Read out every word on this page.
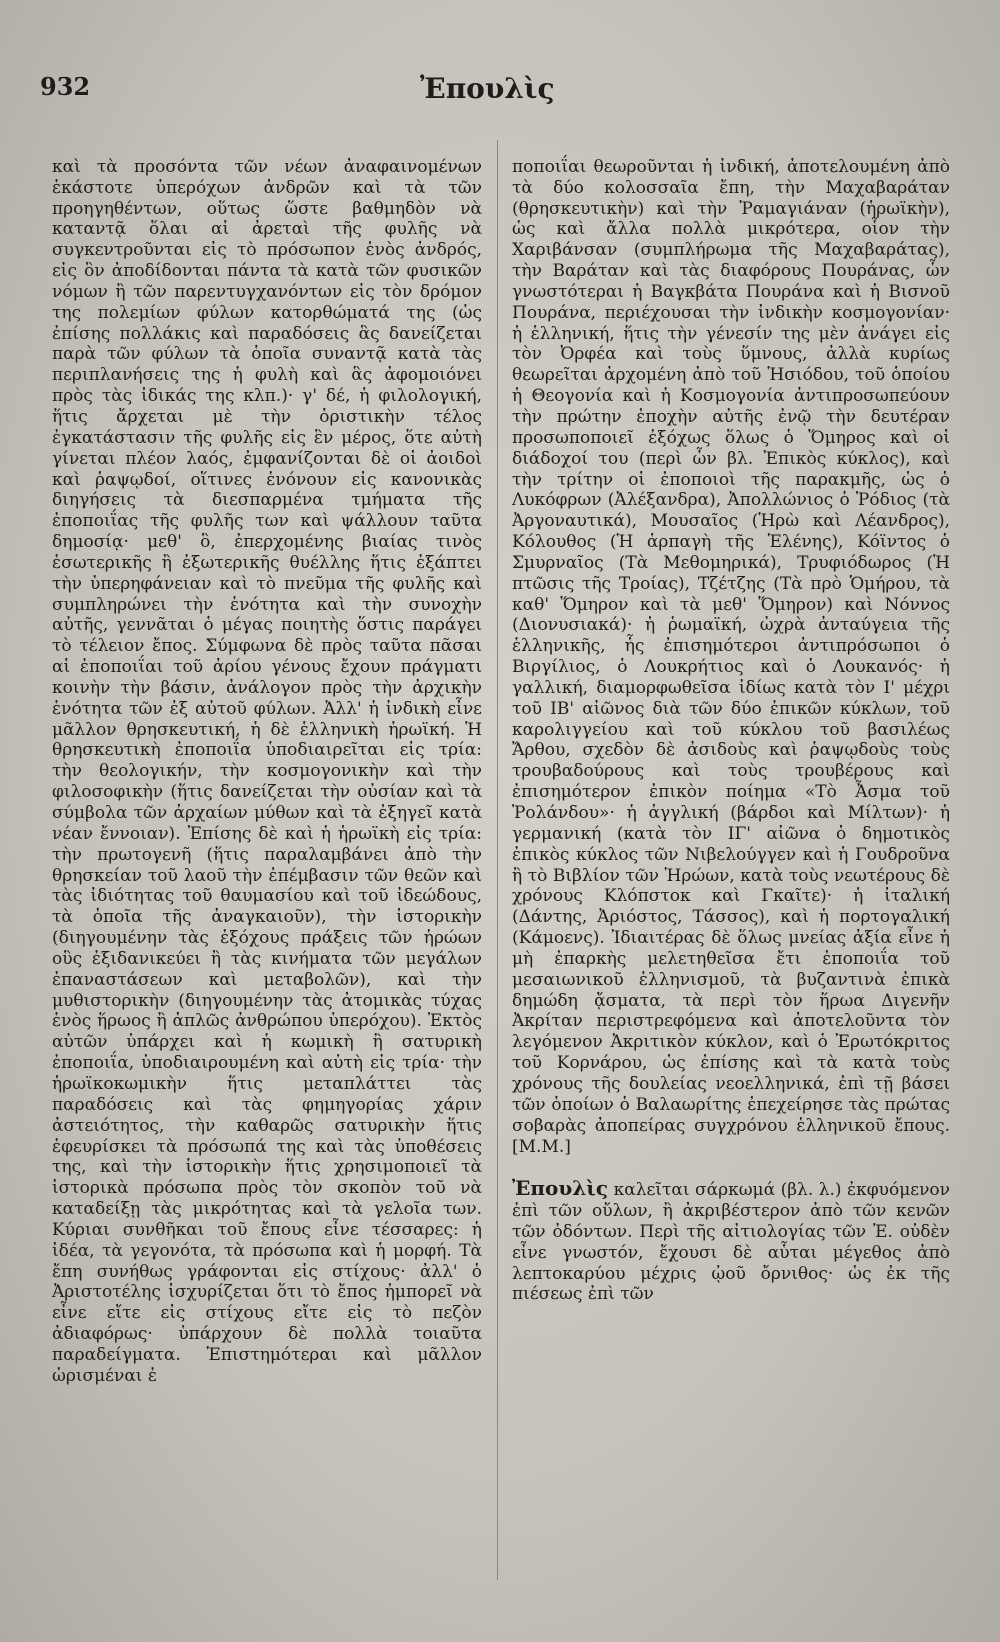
932	Ἐπουλὶς

καὶ τὰ προσόντα τῶν νέων ἀναφαινομένων ἑκάστοτε ὑπερόχων ἀνδρῶν καὶ τὰ τῶν προηγηθέντων, οὕτως ὥστε βαθμηδὸν νὰ καταντᾷ ὅλαι αἱ ἀρεταὶ τῆς φυλῆς νὰ συγκεντροῦνται εἰς τὸ πρόσωπον ἑνὸς ἀνδρός, εἰς ὃν ἀποδίδονται πάντα τὰ κατὰ τῶν φυσικῶν νόμων ἢ τῶν παρεντυγχανόντων εἰς τὸν δρόμον της πολεμίων φύλων κατορθώματά της (ὡς ἐπίσης πολλάκις καὶ παραδόσεις ἃς δανείζεται παρὰ τῶν φύλων τὰ ὁποῖα συναντᾷ κατὰ τὰς περιπλανήσεις της ἡ φυλὴ καὶ ἃς ἀφομοιόνει πρὸς τὰς ἰδικάς της κλπ.)· γ' δέ, ἡ φιλολογική, ἥτις ἄρχεται μὲ τὴν ὁριστικὴν τέλος ἐγκατάστασιν τῆς φυλῆς εἰς ἓν μέρος, ὅτε αὐτὴ γίνεται πλέον λαός, ἐμφανίζονται δὲ οἱ ἀοιδοὶ καὶ ῥαψῳδοί, οἵτινες ἑνόνουν εἰς κανονικὰς διηγήσεις τὰ διεσπαρμένα τμήματα τῆς ἐποποιΐας τῆς φυλῆς των καὶ ψάλλουν ταῦτα δημοσίᾳ· μεθ' ὃ, ἐπερχομένης βιαίας τινὸς ἐσωτερικῆς ἢ ἐξωτερικῆς θυέλλης ἥτις ἐξάπτει τὴν ὑπερηφάνειαν καὶ τὸ πνεῦμα τῆς φυλῆς καὶ συμπληρώνει τὴν ἑνότητα καὶ τὴν συνοχὴν αὐτῆς, γεννᾶται ὁ μέγας ποιητὴς ὅστις παράγει τὸ τέλειον ἔπος. Σύμφωνα δὲ πρὸς ταῦτα πᾶσαι αἱ ἐποποιΐαι τοῦ ἀρίου γένους ἔχουν πράγματι κοινὴν τὴν βάσιν, ἀνάλογον πρὸς τὴν ἀρχικὴν ἑνότητα τῶν ἐξ αὐτοῦ φύλων. Ἀλλ' ἡ ἰνδικὴ εἶνε μᾶλλον θρησκευτική, ἡ δὲ ἑλληνικὴ ἡρωϊκή. Ἡ θρησκευτικὴ ἐποποιΐα ὑποδιαιρεῖται εἰς τρία: τὴν θεολογικήν, τὴν κοσμογονικὴν καὶ τὴν φιλοσοφικὴν (ἥτις δανείζεται τὴν οὐσίαν καὶ τὰ σύμβολα τῶν ἀρχαίων μύθων καὶ τὰ ἐξηγεῖ κατὰ νέαν ἔννοιαν). Ἐπίσης δὲ καὶ ἡ ἡρωϊκὴ εἰς τρία: τὴν πρωτογενῆ (ἥτις παραλαμβάνει ἀπὸ τὴν θρησκείαν τοῦ λαοῦ τὴν ἐπέμβασιν τῶν θεῶν καὶ τὰς ἰδιότητας τοῦ θαυμασίου καὶ τοῦ ἰδεώδους, τὰ ὁποῖα τῆς ἀναγκαιοῦν), τὴν ἱστορικὴν (διηγουμένην τὰς ἐξόχους πράξεις τῶν ἡρώων οὓς ἐξιδανικεύει ἢ τὰς κινήματα τῶν μεγάλων ἐπαναστάσεων καὶ μεταβολῶν), καὶ τὴν μυθιστορικὴν (διηγουμένην τὰς ἀτομικὰς τύχας ἑνὸς ἥρωος ἢ ἁπλῶς ἀνθρώπου ὑπερόχου). Ἐκτὸς αὐτῶν ὑπάρχει καὶ ἡ κωμικὴ ἢ σατυρικὴ ἐποποιΐα, ὑποδιαιρουμένη καὶ αὐτὴ εἰς τρία· τὴν ἡρωϊκοκωμικὴν ἥτις μεταπλάττει τὰς παραδόσεις καὶ τὰς φημηγορίας χάριν ἀστειότητος, τὴν καθαρῶς σατυρικὴν ἥτις ἐφευρίσκει τὰ πρόσωπά της καὶ τὰς ὑποθέσεις της, καὶ τὴν ἱστορικὴν ἥτις χρησιμοποιεῖ τὰ ἱστορικὰ πρόσωπα πρὸς τὸν σκοπὸν τοῦ νὰ καταδείξῃ τὰς μικρότητας καὶ τὰ γελοῖα των. Κύριαι συνθῆκαι τοῦ ἔπους εἶνε τέσσαρες: ἡ ἰδέα, τὰ γεγονότα, τὰ πρόσωπα καὶ ἡ μορφή. Τὰ ἔπη συνήθως γράφονται εἰς στίχους· ἀλλ' ὁ Ἀριστοτέλης ἰσχυρίζεται ὅτι τὸ ἔπος ἠμπορεῖ νὰ εἶνε εἴτε εἰς στίχους εἴτε εἰς τὸ πεζὸν ἀδιαφόρως· ὑπάρχουν δὲ πολλὰ τοιαῦτα παραδείγματα. Ἐπιστημότεραι καὶ μᾶλλον ὡρισμέναι ἐ

ποποιΐαι θεωροῦνται ἡ ἰνδική, ἀποτελουμένη ἀπὸ τὰ δύο κολοσσαῖα ἔπη, τὴν Μαχαβαράταν (θρησκευτικὴν) καὶ τὴν Ῥαμαγιάναν (ἡρωϊκὴν), ὡς καὶ ἄλλα πολλὰ μικρότερα, οἷον τὴν Χαριβάνσαν (συμπλήρωμα τῆς Μαχαβαράτας), τὴν Βαράταν καὶ τὰς διαφόρους Πουράνας, ὧν γνωστότεραι ἡ Βαγκβάτα Πουράνα καὶ ἡ Βισνοῦ Πουράνα, περιέχουσαι τὴν ἰνδικὴν κοσμογονίαν· ἡ ἑλληνική, ἥτις τὴν γένεσίν της μὲν ἀνάγει εἰς τὸν Ὀρφέα καὶ τοὺς ὕμνους, ἀλλὰ κυρίως θεωρεῖται ἀρχομένη ἀπὸ τοῦ Ἡσιόδου, τοῦ ὁποίου ἡ Θεογονία καὶ ἡ Κοσμογονία ἀντιπροσωπεύουν τὴν πρώτην ἐποχὴν αὐτῆς ἐνῷ τὴν δευτέραν προσωποποιεῖ ἐξόχως ὅλως ὁ Ὅμηρος καὶ οἱ διάδοχοί του (περὶ ὧν βλ. Ἐπικὸς κύκλος), καὶ τὴν τρίτην οἱ ἐποποιοὶ τῆς παρακμῆς, ὡς ὁ Λυκόφρων (Ἀλέξανδρα), Ἀπολλώνιος ὁ Ῥόδιος (τὰ Ἀργοναυτικά), Μουσαῖος (Ἡρὼ καὶ Λέανδρος), Κόλουθος (Ἡ ἁρπαγὴ τῆς Ἑλένης), Κόϊντος ὁ Σμυρναῖος (Τὰ Μεθομηρικά), Τρυφιόδωρος (Ἡ πτῶσις τῆς Τροίας), Τζέτζης (Τὰ πρὸ Ὁμήρου, τὰ καθ' Ὅμηρον καὶ τὰ μεθ' Ὅμηρον) καὶ Νόννος (Διονυσιακά)· ἡ ῥωμαϊκή, ὠχρὰ ἀνταύγεια τῆς ἑλληνικῆς, ἧς ἐπισημότεροι ἀντιπρόσωποι ὁ Βιργίλιος, ὁ Λουκρήτιος καὶ ὁ Λουκανός· ἡ γαλλική, διαμορφωθεῖσα ἰδίως κατὰ τὸν Ι' μέχρι τοῦ ΙΒ' αἰῶνος διὰ τῶν δύο ἐπικῶν κύκλων, τοῦ καρολιγγείου καὶ τοῦ κύκλου τοῦ βασιλέως Ἄρθου, σχεδὸν δὲ ἀσιδοὺς καὶ ῥαψῳδοὺς τοὺς τρουβαδούρους καὶ τοὺς τρουβέρους καὶ ἐπισημότερον ἐπικὸν ποίημα «Τὸ Ἆσμα τοῦ Ῥολάνδου»· ἡ ἀγγλική (βάρδοι καὶ Μίλτων)· ἡ γερμανική (κατὰ τὸν ΙΓ' αἰῶνα ὁ δημοτικὸς ἐπικὸς κύκλος τῶν Νιβελούγγεν καὶ ἡ Γουδροῦνα ἢ τὸ Βιβλίον τῶν Ἡρώων, κατὰ τοὺς νεωτέρους δὲ χρόνους Κλόπστοκ καὶ Γκαῖτε)· ἡ ἰταλική (Δάντης, Ἀριόστος, Τάσσος), καὶ ἡ πορτογαλική (Κάμοενς). Ἰδιαιτέρας δὲ ὅλως μνείας ἀξία εἶνε ἡ μὴ ἐπαρκὴς μελετηθεῖσα ἔτι ἐποποιΐα τοῦ μεσαιωνικοῦ ἑλληνισμοῦ, τὰ βυζαντινὰ ἐπικὰ δημώδη ᾄσματα, τὰ περὶ τὸν ἥρωα Διγενῆν Ἀκρίταν περιστρεφόμενα καὶ ἀποτελοῦντα τὸν λεγόμενον Ἀκριτικὸν κύκλον, καὶ ὁ Ἐρωτόκριτος τοῦ Κορνάρου, ὡς ἐπίσης καὶ τὰ κατὰ τοὺς χρόνους τῆς δουλείας νεοελληνικά, ἐπὶ τῇ βάσει τῶν ὁποίων ὁ Βαλαωρίτης ἐπεχείρησε τὰς πρώτας σοβαρὰς ἀποπείρας συγχρόνου ἑλληνικοῦ ἔπους. [Μ.Μ.]

Ἐπουλὶς καλεῖται σάρκωμά (βλ. λ.) ἐκφυόμενον ἐπὶ τῶν οὔλων, ἢ ἀκριβέστερον ἀπὸ τῶν κενῶν τῶν ὀδόντων. Περὶ τῆς αἰτιολογίας τῶν Ἐ. οὐδὲν εἶνε γνωστόν, ἔχουσι δὲ αὗται μέγεθος ἀπὸ λεπτοκαρύου μέχρις ᾠοῦ ὄρνιθος· ὡς ἐκ τῆς πιέσεως ἐπὶ τῶν
